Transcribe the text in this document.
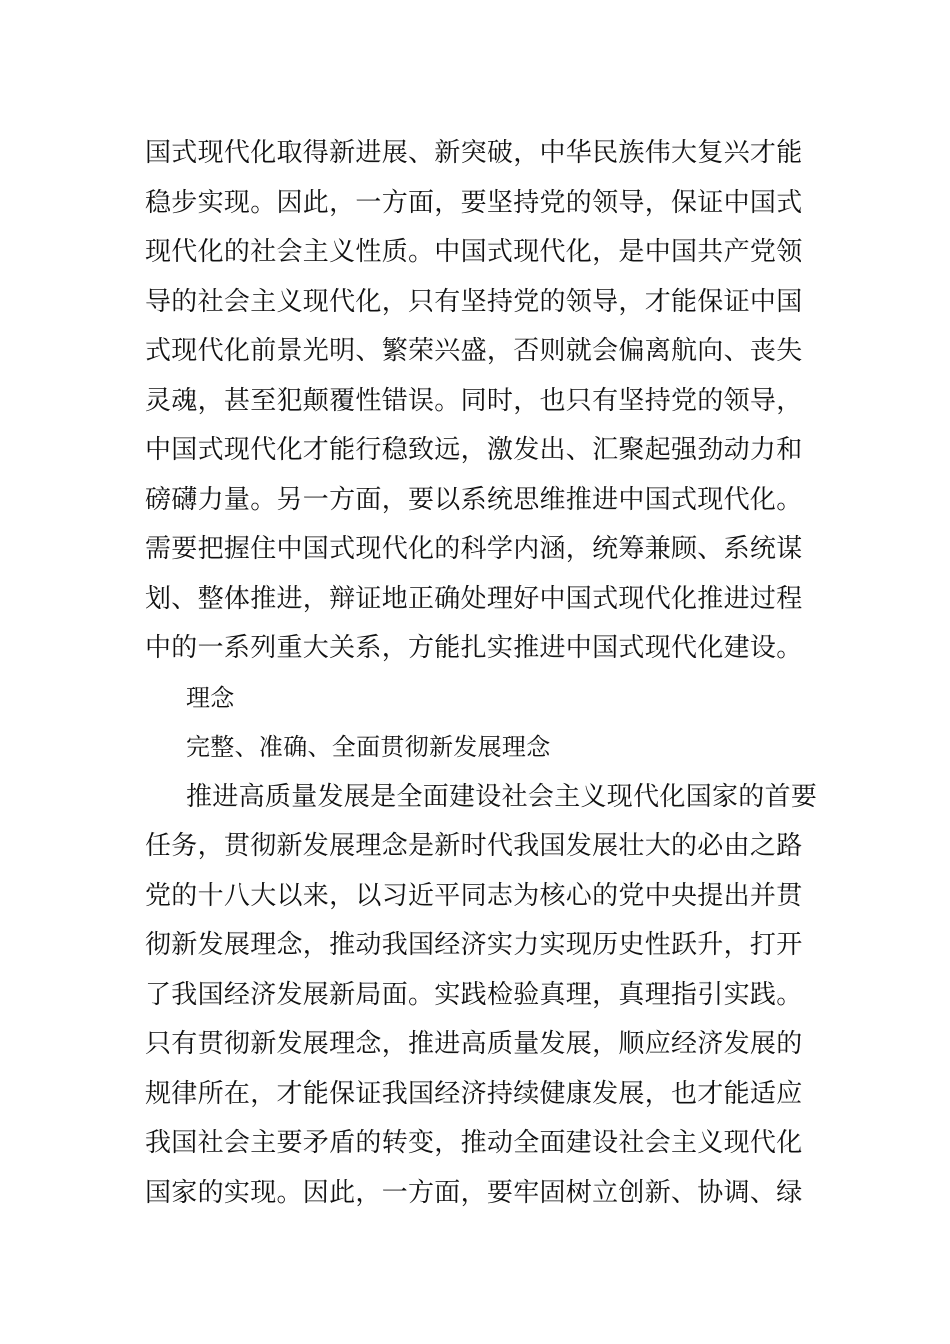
国式现代化取得新进展、新突破，中华民族伟大复兴才能
稳步实现。因此，一方面，要坚持党的领导，保证中国式
现代化的社会主义性质。中国式现代化，是中国共产党领
导的社会主义现代化，只有坚持党的领导，才能保证中国
式现代化前景光明、繁荣兴盛，否则就会偏离航向、丧失
灵魂，甚至犯颠覆性错误。同时，也只有坚持党的领导，
中国式现代化才能行稳致远，激发出、汇聚起强劲动力和
磅礴力量。另一方面，要以系统思维推进中国式现代化。
需要把握住中国式现代化的科学内涵，统筹兼顾、系统谋
划、整体推进，辩证地正确处理好中国式现代化推进过程
中的一系列重大关系，方能扎实推进中国式现代化建设。
理念
完整、准确、全面贯彻新发展理念
推进高质量发展是全面建设社会主义现代化国家的首要
任务，贯彻新发展理念是新时代我国发展壮大的必由之路
党的十八大以来，以习近平同志为核心的党中央提出并贯
彻新发展理念，推动我国经济实力实现历史性跃升，打开
了我国经济发展新局面。实践检验真理，真理指引实践。
只有贯彻新发展理念，推进高质量发展，顺应经济发展的
规律所在，才能保证我国经济持续健康发展，也才能适应
我国社会主要矛盾的转变，推动全面建设社会主义现代化
国家的实现。因此，一方面，要牢固树立创新、协调、绿
